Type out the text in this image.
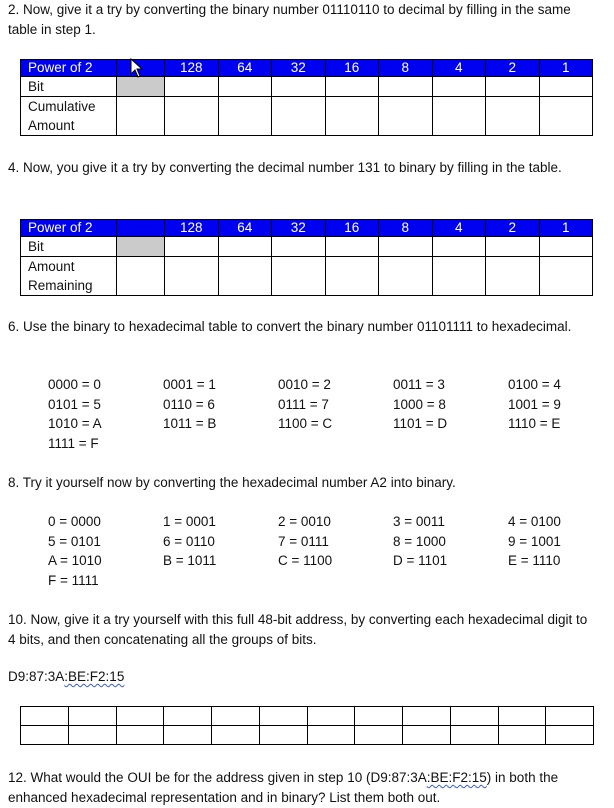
2. Now, give it a try by converting the binary number 01110110 to decimal by filling in the same table in step 1.
Power of 2		128	64	32	16	8	4	2	1
Bit									
Cumulative
Amount									
4. Now, you give it a try by converting the decimal number 131 to binary by filling in the table.
Power of 2		128	64	32	16	8	4	2	1
Bit									
Amount
Remaining									
6. Use the binary to hexadecimal table to convert the binary number 01101111 to hexadecimal.
0000 = 0	0001 = 1	0010 = 2	0011 = 3	0100 = 4
0101 = 5	0110 = 6	0111 = 7	1000 = 8	1001 = 9
1010 = A	1011 = B	1100 = C	1101 = D	1110 = E
1111 = F
8. Try it yourself now by converting the hexadecimal number A2 into binary.
0 = 0000	1 = 0001	2 = 0010	3 = 0011	4 = 0100
5 = 0101	6 = 0110	7 = 0111	8 = 1000	9 = 1001
A = 1010	B = 1011	C = 1100	D = 1101	E = 1110
F = 1111
10. Now, give it a try yourself with this full 48-bit address, by converting each hexadecimal digit to 4 bits, and then concatenating all the groups of bits.
D9:87:3A:BE:F2:15

12. What would the OUI be for the address given in step 10 (D9:87:3A:BE:F2:15) in both the enhanced hexadecimal representation and in binary? List them both out.
